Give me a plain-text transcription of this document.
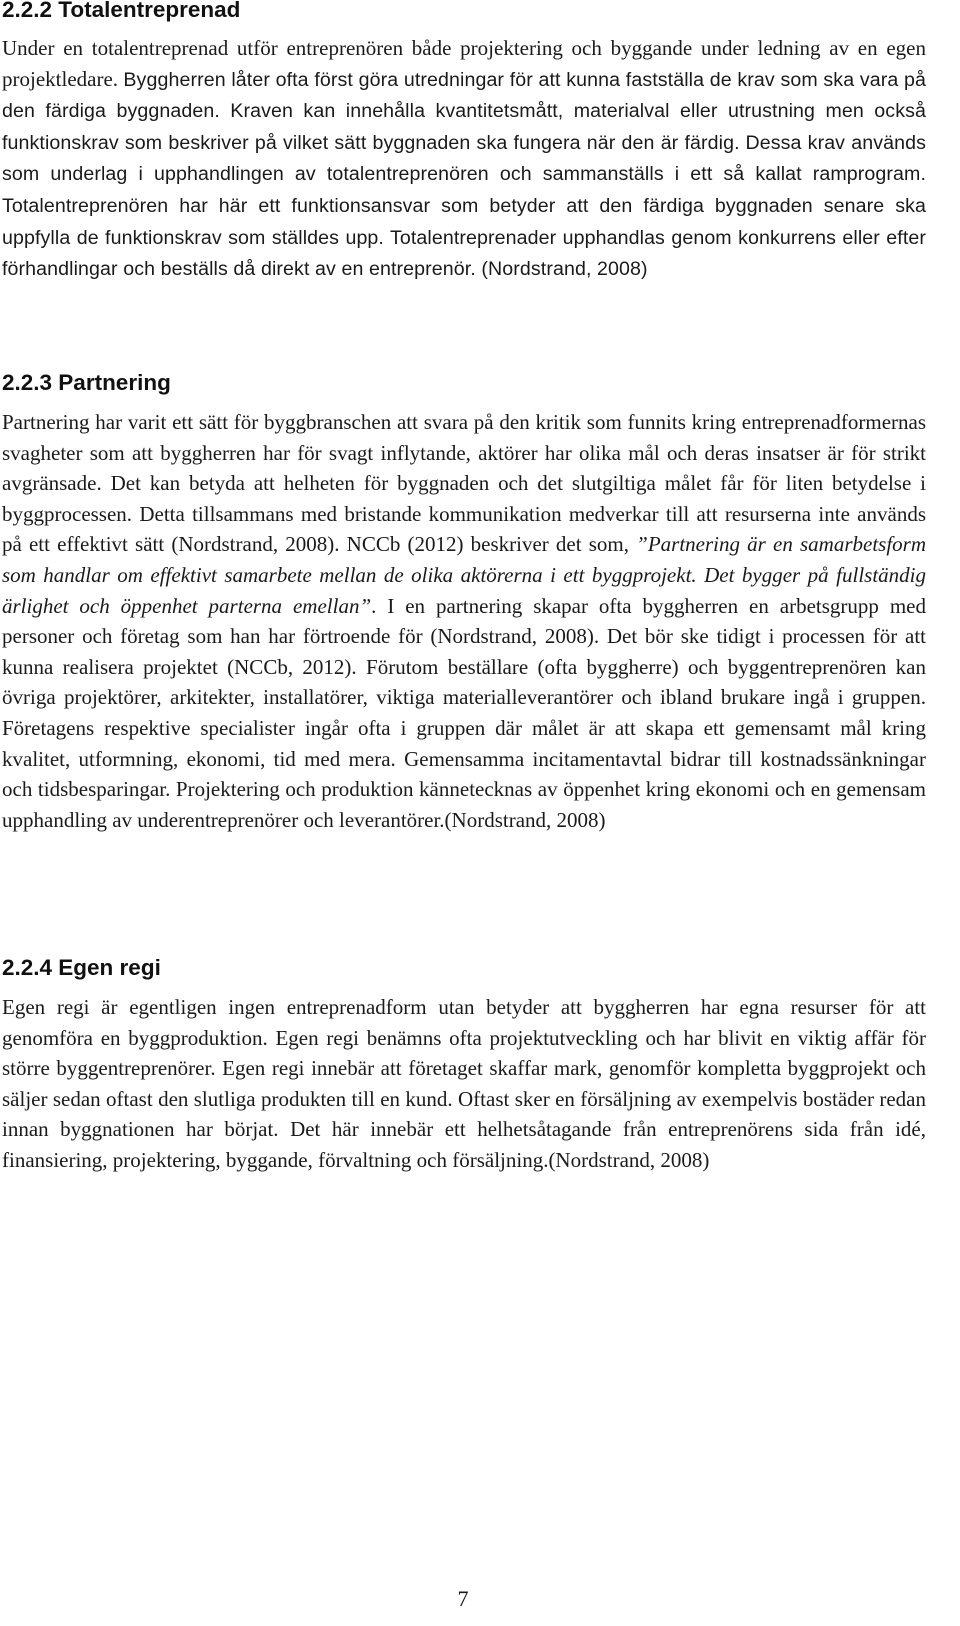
2.2.2 Totalentreprenad

Under en totalentreprenad utför entreprenören både projektering och byggande under ledning av en egen projektledare. Byggherren låter ofta först göra utredningar för att kunna fastställa de krav som ska vara på den färdiga byggnaden. Kraven kan innehålla kvantitetsmått, materialval eller utrustning men också funktionskrav som beskriver på vilket sätt byggnaden ska fungera när den är färdig. Dessa krav används som underlag i upphandlingen av totalentreprenören och sammanställs i ett så kallat ramprogram. Totalentreprenören har här ett funktionsansvar som betyder att den färdiga byggnaden senare ska uppfylla de funktionskrav som ställdes upp. Totalentreprenader upphandlas genom konkurrens eller efter förhandlingar och beställs då direkt av en entreprenör. (Nordstrand, 2008)

2.2.3 Partnering

Partnering har varit ett sätt för byggbranschen att svara på den kritik som funnits kring entreprenadformernas svagheter som att byggherren har för svagt inflytande, aktörer har olika mål och deras insatser är för strikt avgränsade. Det kan betyda att helheten för byggnaden och det slutgiltiga målet får för liten betydelse i byggprocessen. Detta tillsammans med bristande kommunikation medverkar till att resurserna inte används på ett effektivt sätt (Nordstrand, 2008). NCCb (2012) beskriver det som, ”Partnering är en samarbetsform som handlar om effektivt samarbete mellan de olika aktörerna i ett byggprojekt. Det bygger på fullständig ärlighet och öppenhet parterna emellan”. I en partnering skapar ofta byggherren en arbetsgrupp med personer och företag som han har förtroende för (Nordstrand, 2008). Det bör ske tidigt i processen för att kunna realisera projektet (NCCb, 2012). Förutom beställare (ofta byggherre) och byggentreprenören kan övriga projektörer, arkitekter, installatörer, viktiga materialleverantörer och ibland brukare ingå i gruppen. Företagens respektive specialister ingår ofta i gruppen där målet är att skapa ett gemensamt mål kring kvalitet, utformning, ekonomi, tid med mera. Gemensamma incitamentavtal bidrar till kostnadssänkningar och tidsbesparingar. Projektering och produktion kännetecknas av öppenhet kring ekonomi och en gemensam upphandling av underentreprenörer och leverantörer.(Nordstrand, 2008)

2.2.4 Egen regi

Egen regi är egentligen ingen entreprenadform utan betyder att byggherren har egna resurser för att genomföra en byggproduktion. Egen regi benämns ofta projektutveckling och har blivit en viktig affär för större byggentreprenörer. Egen regi innebär att företaget skaffar mark, genomför kompletta byggprojekt och säljer sedan oftast den slutliga produkten till en kund. Oftast sker en försäljning av exempelvis bostäder redan innan byggnationen har börjat. Det här innebär ett helhetsåtagande från entreprenörens sida från idé, finansiering, projektering, byggande, förvaltning och försäljning.(Nordstrand, 2008)

7
